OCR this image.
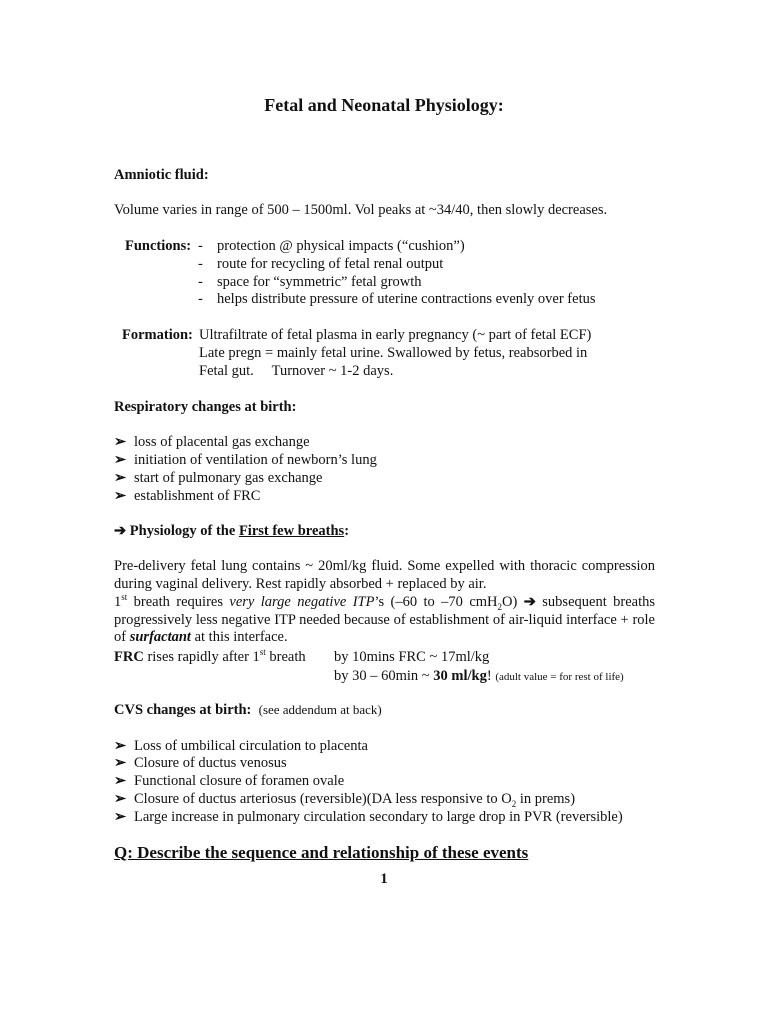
Fetal and Neonatal Physiology:
Amniotic fluid:
Volume varies in range of 500 – 1500ml. Vol peaks at ~34/40, then slowly decreases.
Functions: - protection @ physical impacts (“cushion”)
- route for recycling of fetal renal output
- space for “symmetric” fetal growth
- helps distribute pressure of uterine contractions evenly over fetus
Formation: Ultrafiltrate of fetal plasma in early pregnancy (~ part of fetal ECF)
Late pregn = mainly fetal urine. Swallowed by fetus, reabsorbed in
Fetal gut.     Turnover ~ 1-2 days.
Respiratory changes at birth:
➢ loss of placental gas exchange
➢ initiation of ventilation of newborn’s lung
➢ start of pulmonary gas exchange
➢ establishment of FRC
➔ Physiology of the First few breaths:
Pre-delivery fetal lung contains ~ 20ml/kg fluid. Some expelled with thoracic compression during vaginal delivery. Rest rapidly absorbed + replaced by air.
1st breath requires very large negative ITP’s (–60 to –70 cmH$_2$O) ➔ subsequent breaths progressively less negative ITP needed because of establishment of air-liquid interface + role of surfactant at this interface.
FRC rises rapidly after 1st breath by 10mins FRC ~ 17ml/kg
by 30 – 60min ~ 30 ml/kg! (adult value = for rest of life)
CVS changes at birth: (see addendum at back)
➢ Loss of umbilical circulation to placenta
➢ Closure of ductus venosus
➢ Functional closure of foramen ovale
➢ Closure of ductus arteriosus (reversible)(DA less responsive to $O_2$ in prems)
➢ Large increase in pulmonary circulation secondary to large drop in PVR (reversible)
Q: Describe the sequence and relationship of these events
1
